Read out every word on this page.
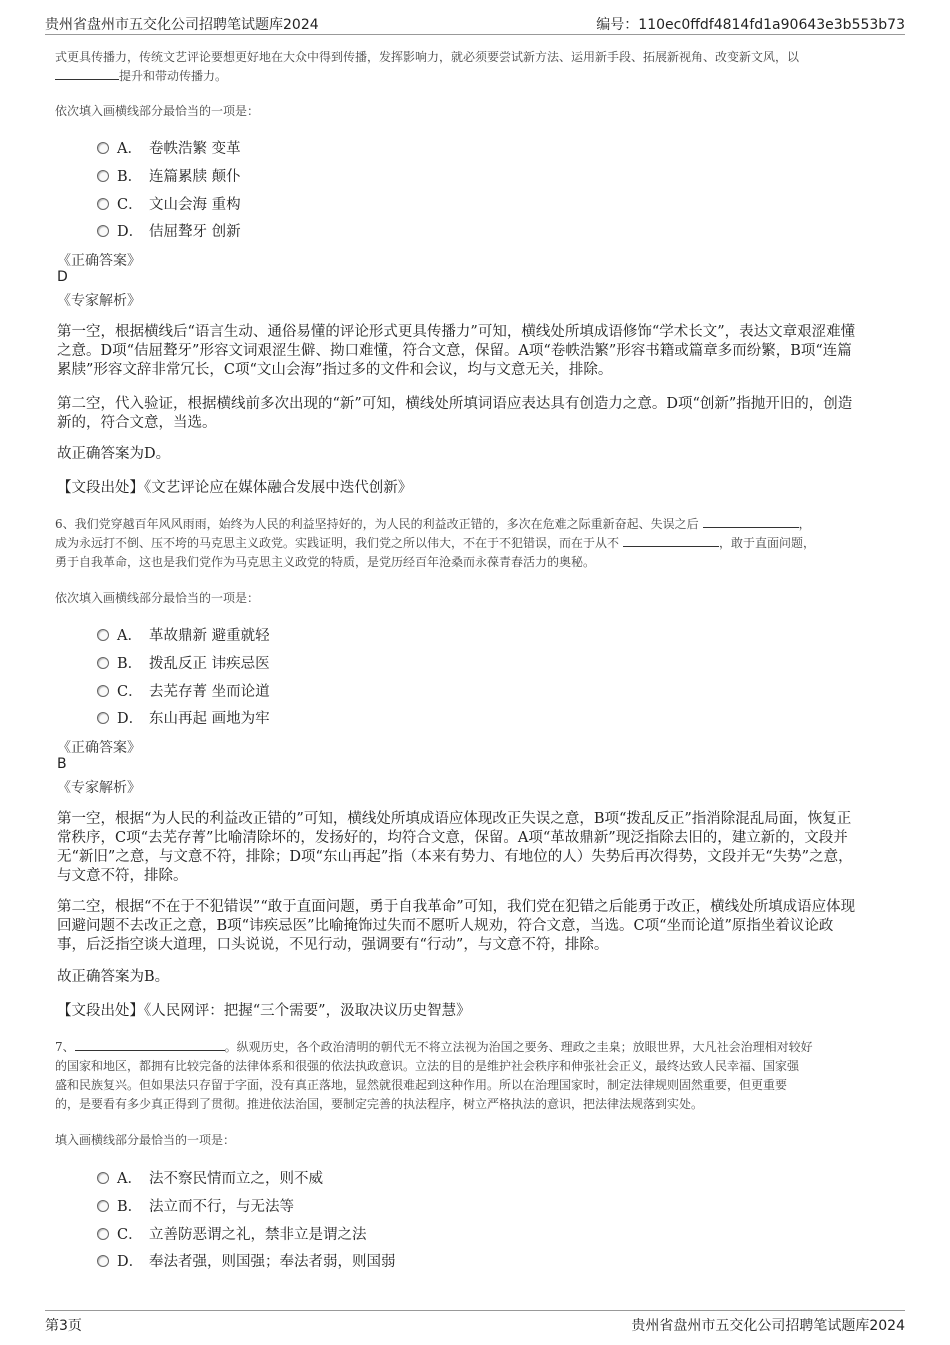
贵州省盘州市五交化公司招聘笔试题库2024	编号：110ec0ffdf4814fd1a90643e3b553b73
式更具传播力，传统文艺评论要想更好地在大众中得到传播，发挥影响力，就必须要尝试新方法、运用新手段、拓展新视角、改变新文风，以
提升和带动传播力。
依次填入画横线部分最恰当的一项是：
A． 卷帙浩繁 变革
B． 连篇累牍 颠仆
C． 文山会海 重构
D． 佶屈聱牙 创新
《正确答案》
D
《专家解析》
第一空，根据横线后“语言生动、通俗易懂的评论形式更具传播力”可知，横线处所填成语修饰“学术长文”，表达文章艰涩难懂
之意。D项“佶屈聱牙”形容文词艰涩生僻、拗口难懂，符合文意，保留。A项“卷帙浩繁”形容书籍或篇章多而纷繁，B项“连篇
累牍”形容文辞非常冗长，C项“文山会海”指过多的文件和会议，均与文意无关，排除。
第二空，代入验证，根据横线前多次出现的“新”可知，横线处所填词语应表达具有创造力之意。D项“创新”指抛开旧的，创造
新的，符合文意，当选。
故正确答案为D。
【文段出处】《文艺评论应在媒体融合发展中迭代创新》
6、我们党穿越百年风风雨雨，始终为人民的利益坚持好的，为人民的利益改正错的，多次在危难之际重新奋起、失误之后	，
成为永远打不倒、压不垮的马克思主义政党。实践证明，我们党之所以伟大，不在于不犯错误，而在于从不	，敢于直面问题，
勇于自我革命，这也是我们党作为马克思主义政党的特质，是党历经百年沧桑而永葆青春活力的奥秘。
依次填入画横线部分最恰当的一项是：
A． 革故鼎新 避重就轻
B． 拨乱反正 讳疾忌医
C． 去芜存菁 坐而论道
D． 东山再起 画地为牢
《正确答案》
B
《专家解析》
第一空，根据“为人民的利益改正错的”可知，横线处所填成语应体现改正失误之意，B项“拨乱反正”指消除混乱局面，恢复正
常秩序，C项“去芜存菁”比喻清除坏的，发扬好的，均符合文意，保留。A项“革故鼎新”现泛指除去旧的，建立新的，文段并
无“新旧”之意，与文意不符，排除；D项“东山再起”指（本来有势力、有地位的人）失势后再次得势，文段并无“失势”之意，
与文意不符，排除。
第二空，根据“不在于不犯错误”“敢于直面问题，勇于自我革命”可知，我们党在犯错之后能勇于改正，横线处所填成语应体现
回避问题不去改正之意，B项“讳疾忌医”比喻掩饰过失而不愿听人规劝，符合文意，当选。C项“坐而论道”原指坐着议论政
事，后泛指空谈大道理，口头说说，不见行动，强调要有“行动”，与文意不符，排除。
故正确答案为B。
【文段出处】《人民网评：把握“三个需要”，汲取决议历史智慧》
7、	。纵观历史，各个政治清明的朝代无不将立法视为治国之要务、理政之圭臬；放眼世界，大凡社会治理相对较好
的国家和地区，都拥有比较完备的法律体系和很强的依法执政意识。立法的目的是维护社会秩序和伸张社会正义，最终达致人民幸福、国家强
盛和民族复兴。但如果法只存留于字面，没有真正落地，显然就很难起到这种作用。所以在治理国家时，制定法律规则固然重要，但更重要
的，是要看有多少真正得到了贯彻。推进依法治国，要制定完善的执法程序，树立严格执法的意识，把法律法规落到实处。
填入画横线部分最恰当的一项是：
A． 法不察民情而立之，则不威
B． 法立而不行，与无法等
C． 立善防恶谓之礼，禁非立是谓之法
D． 奉法者强，则国强；奉法者弱，则国弱
第3页	贵州省盘州市五交化公司招聘笔试题库2024
